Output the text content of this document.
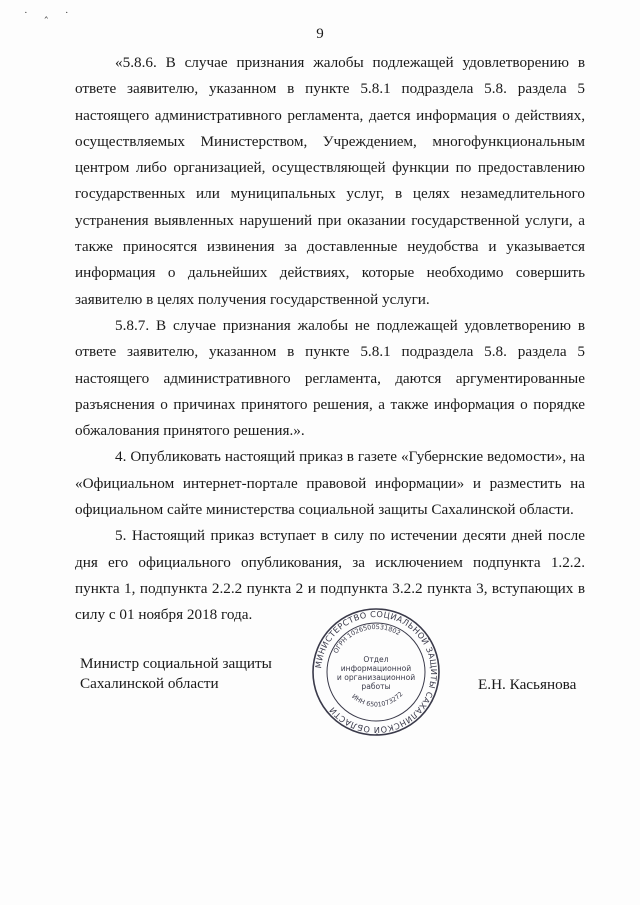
· ‸ ·
9

«5.8.6. В случае признания жалобы подлежащей удовлетворению в ответе заявителю, указанном в пункте 5.8.1 подраздела 5.8. раздела 5 настоящего административного регламента, дается информация о действиях, осуществляемых Министерством, Учреждением, многофункциональным центром либо организацией, осуществляющей функции по предоставлению государственных или муниципальных услуг, в целях незамедлительного устранения выявленных нарушений при оказании государственной услуги, а также приносятся извинения за доставленные неудобства и указывается информация о дальнейших действиях, которые необходимо совершить заявителю в целях получения государственной услуги.

5.8.7. В случае признания жалобы не подлежащей удовлетворению в ответе заявителю, указанном в пункте 5.8.1 подраздела 5.8. раздела 5 настоящего административного регламента, даются аргументированные разъяснения о причинах принятого решения, а также информация о порядке обжалования принятого решения.».

4. Опубликовать настоящий приказ в газете «Губернские ведомости», на «Официальном интернет-портале правовой информации» и разместить на официальном сайте министерства социальной защиты Сахалинской области.

5. Настоящий приказ вступает в силу по истечении десяти дней после дня его официального опубликования, за исключением подпункта 1.2.2. пункта 1, подпункта 2.2.2 пункта 2 и подпункта 3.2.2 пункта 3, вступающих в силу с 01 ноября 2018 года.

Министр социальной защиты
Сахалинской области
МИНИСТЕРСТВО СОЦИАЛЬНОЙ ЗАЩИТЫ САХАЛИНСКОЙ ОБЛАСТИ
ОГРН 1026500531802
ИНН 6501073272
Отдел
информационной
и организационной
работы	Е.Н. Касьянова
